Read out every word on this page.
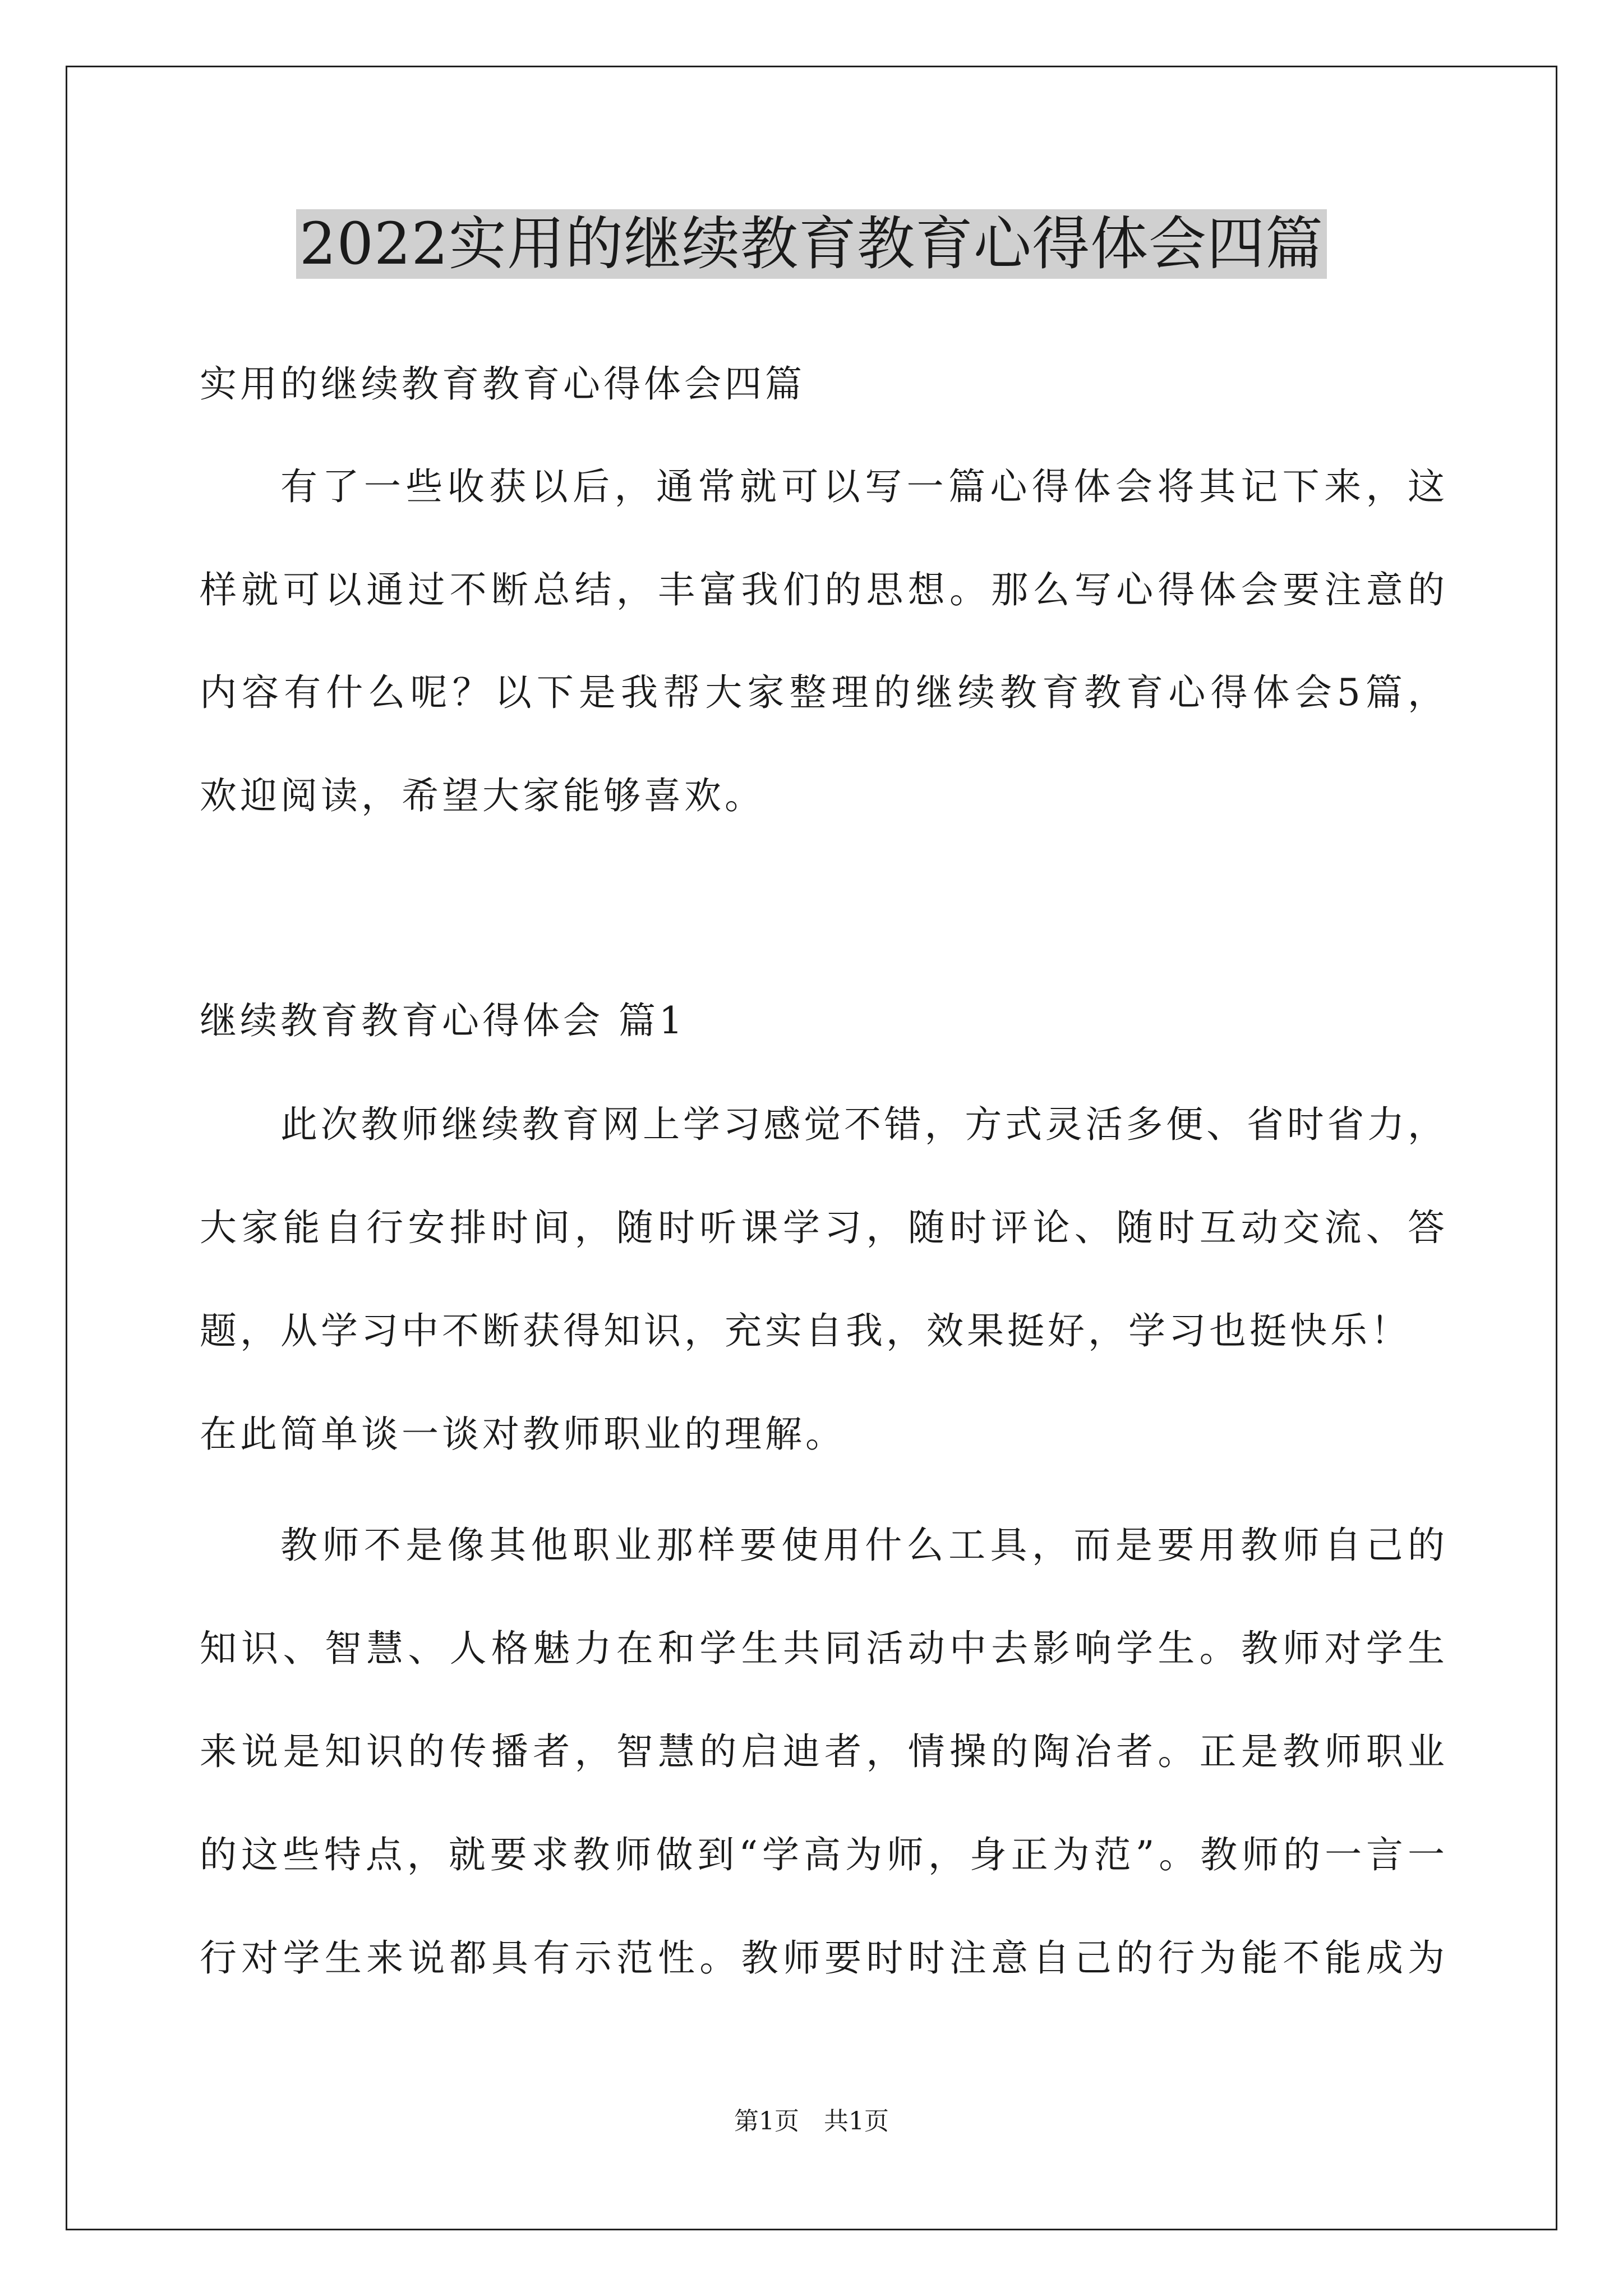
2022实用的继续教育教育心得体会四篇
实用的继续教育教育心得体会四篇
有了一些收获以后，通常就可以写一篇心得体会将其记下来，这
样就可以通过不断总结，丰富我们的思想。那么写心得体会要注意的
内容有什么呢？以下是我帮大家整理的继续教育教育心得体会5篇，
欢迎阅读，希望大家能够喜欢。
继续教育教育心得体会 篇1
此次教师继续教育网上学习感觉不错，方式灵活多便、省时省力，
大家能自行安排时间，随时听课学习，随时评论、随时互动交流、答
题，从学习中不断获得知识，充实自我，效果挺好，学习也挺快乐！
在此简单谈一谈对教师职业的理解。
教师不是像其他职业那样要使用什么工具，而是要用教师自己的
知识、智慧、人格魅力在和学生共同活动中去影响学生。教师对学生
来说是知识的传播者，智慧的启迪者，情操的陶冶者。正是教师职业
的这些特点，就要求教师做到“学高为师，身正为范”。教师的一言一
行对学生来说都具有示范性。教师要时时注意自己的行为能不能成为
第1页　共1页
